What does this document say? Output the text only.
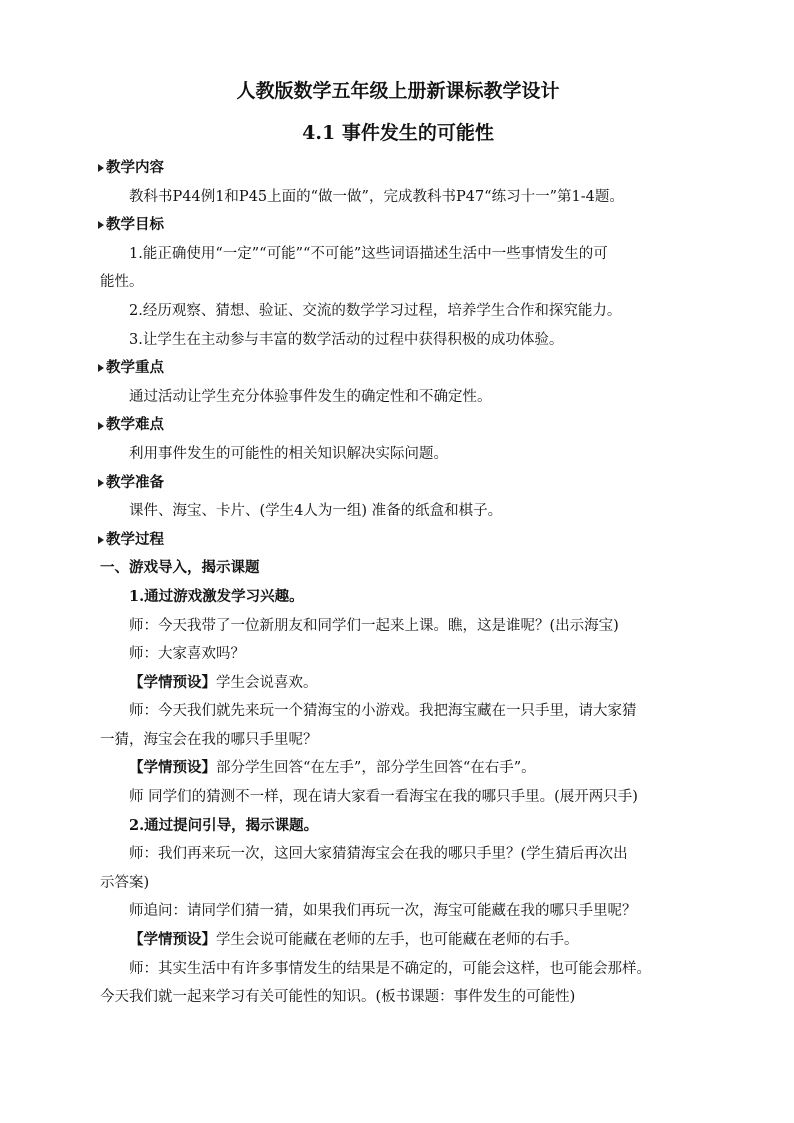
人教版数学五年级上册新课标教学设计
4.1 事件发生的可能性
教学内容
教科书P44例1和P45上面的“做一做”，完成教科书P47“练习十一”第1-4题。
教学目标
1.能正确使用“一定”“可能”“不可能”这些词语描述生活中一些事情发生的可
能性。
2.经历观察、猜想、验证、交流的数学学习过程，培养学生合作和探究能力。
3.让学生在主动参与丰富的数学活动的过程中获得积极的成功体验。
教学重点
通过活动让学生充分体验事件发生的确定性和不确定性。
教学难点
利用事件发生的可能性的相关知识解决实际问题。
教学准备
课件、海宝、卡片、(学生4人为一组) 准备的纸盒和棋子。
教学过程
一、游戏导入，揭示课题
1.通过游戏激发学习兴趣。
师：今天我带了一位新朋友和同学们一起来上课。瞧，这是谁呢？(出示海宝)
师：大家喜欢吗？
【学情预设】学生会说喜欢。
师：今天我们就先来玩一个猜海宝的小游戏。我把海宝藏在一只手里，请大家猜
一猜，海宝会在我的哪只手里呢？
【学情预设】部分学生回答“在左手”，部分学生回答“在右手”。
师 同学们的猜测不一样，现在请大家看一看海宝在我的哪只手里。(展开两只手)
2.通过提问引导，揭示课题。
师：我们再来玩一次，这回大家猜猜海宝会在我的哪只手里？(学生猜后再次出
示答案)
师追问：请同学们猜一猜，如果我们再玩一次，海宝可能藏在我的哪只手里呢？
【学情预设】学生会说可能藏在老师的左手，也可能藏在老师的右手。
师：其实生活中有许多事情发生的结果是不确定的，可能会这样，也可能会那样。
今天我们就一起来学习有关可能性的知识。(板书课题：事件发生的可能性)
